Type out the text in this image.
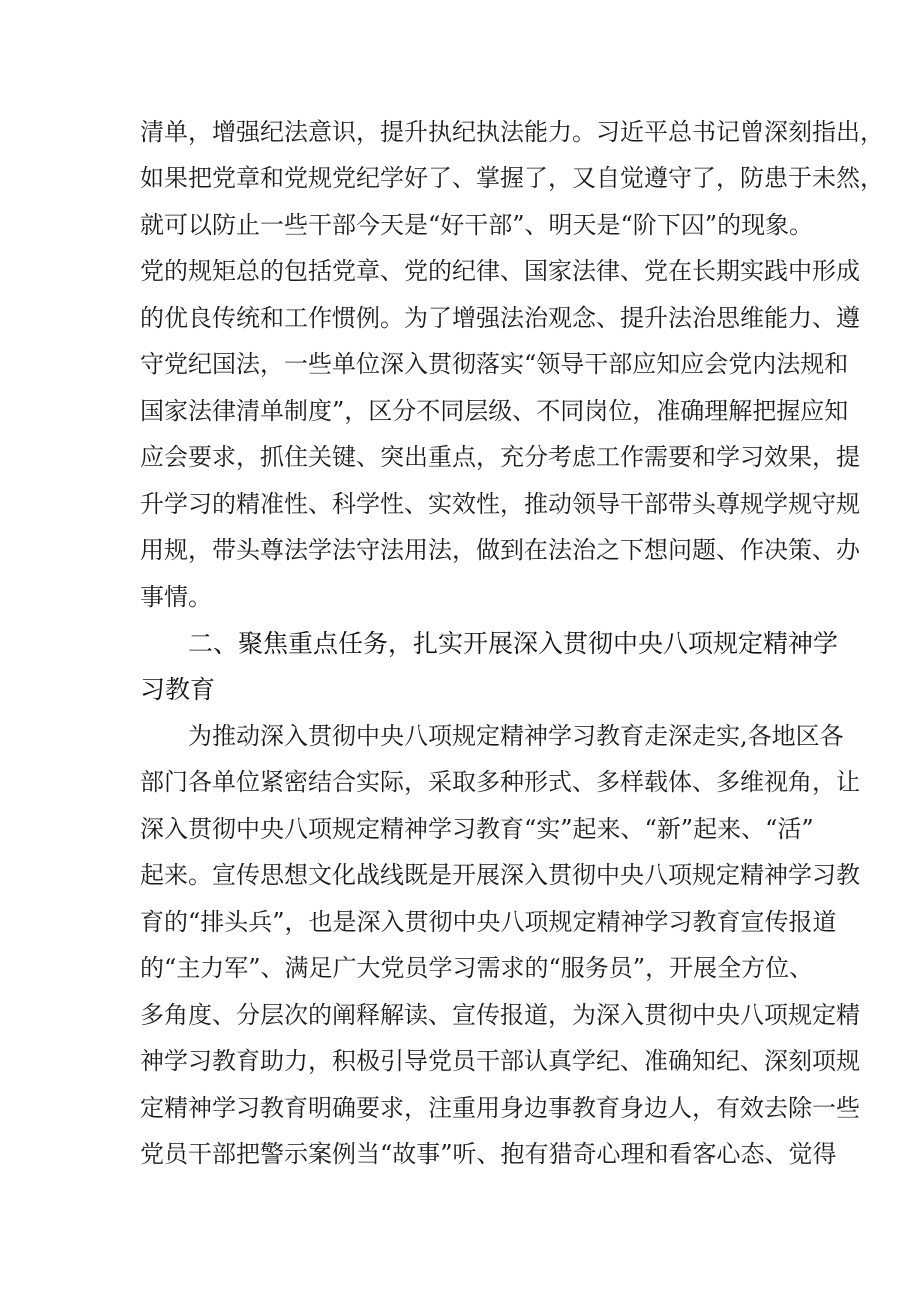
清单，增强纪法意识，提升执纪执法能力。习近平总书记曾深刻指出，
如果把党章和党规党纪学好了、掌握了，又自觉遵守了，防患于未然，
就可以防止一些干部今天是“好干部”、明天是“阶下囚”的现象。
党的规矩总的包括党章、党的纪律、国家法律、党在长期实践中形成
的优良传统和工作惯例。为了增强法治观念、提升法治思维能力、遵
守党纪国法，一些单位深入贯彻落实“领导干部应知应会党内法规和
国家法律清单制度”，区分不同层级、不同岗位，准确理解把握应知
应会要求，抓住关键、突出重点，充分考虑工作需要和学习效果，提
升学习的精准性、科学性、实效性，推动领导干部带头尊规学规守规
用规，带头尊法学法守法用法，做到在法治之下想问题、作决策、办
事情。
二、聚焦重点任务，扎实开展深入贯彻中央八项规定精神学
习教育
为推动深入贯彻中央八项规定精神学习教育走深走实,各地区各
部门各单位紧密结合实际，采取多种形式、多样载体、多维视角，让
深入贯彻中央八项规定精神学习教育“实”起来、“新”起来、“活”
起来。宣传思想文化战线既是开展深入贯彻中央八项规定精神学习教
育的“排头兵”，也是深入贯彻中央八项规定精神学习教育宣传报道
的“主力军”、满足广大党员学习需求的“服务员”，开展全方位、
多角度、分层次的阐释解读、宣传报道，为深入贯彻中央八项规定精
神学习教育助力，积极引导党员干部认真学纪、准确知纪、深刻项规
定精神学习教育明确要求，注重用身边事教育身边人，有效去除一些
党员干部把警示案例当“故事”听、抱有猎奇心理和看客心态、觉得
